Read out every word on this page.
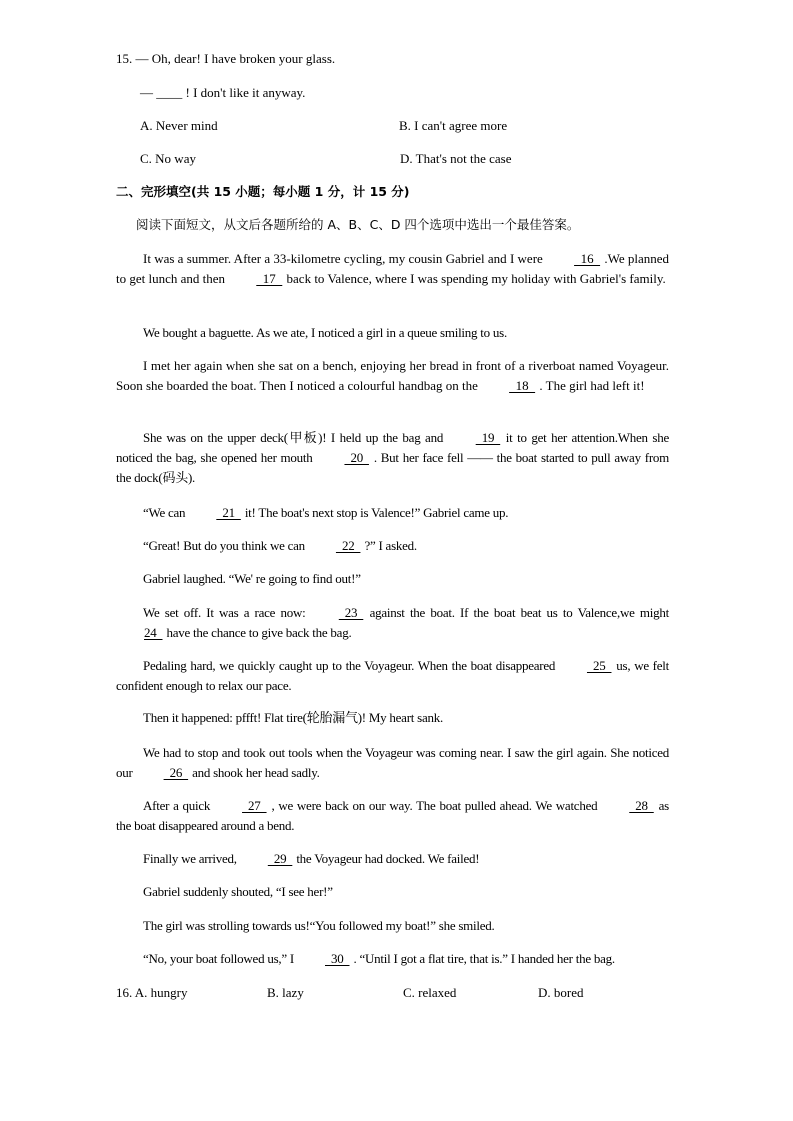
15. — Oh, dear! I have broken your glass.
— ____ ! I don't like it anyway.
A. Never mind	B. I can't agree more
C. No way	D. That's not the case
二、完形填空(共 15 小题；每小题 1 分，计 15 分)
阅读下面短文，从文后各题所给的 A、B、C、D 四个选项中选出一个最佳答案。
It was a summer. After a 33-kilometre cycling, my cousin Gabriel and I were   16   .We planned to get lunch and then   17   back to Valence, where I was spending my holiday with Gabriel's family.
We bought a baguette. As we ate, I noticed a girl in a queue smiling to us.
I met her again when she sat on a bench, enjoying her bread in front of a riverboat named Voyageur. Soon she boarded the boat. Then I noticed a colourful handbag on the   18   . The girl had left it!
She was on the upper deck(甲板)! I held up the bag and   19   it to get her attention.When she noticed the bag, she opened her mouth   20   . But her face fell —— the boat started to pull away from the dock(码头).
“We can   21   it! The boat's next stop is Valence!” Gabriel came up.
“Great! But do you think we can   22   ?” I asked.
Gabriel laughed. “We' re going to find out!”
We set off. It was a race now:   23   against the boat. If the boat beat us to Valence,we might 24   have the chance to give back the bag.
Pedaling hard, we quickly caught up to the Voyageur. When the boat disappeared   25   us, we felt confident enough to relax our pace.
Then it happened: pffft! Flat tire(轮胎漏气)! My heart sank.
We had to stop and took out tools when the Voyageur was coming near. I saw the girl again. She noticed our   26   and shook her head sadly.
After a quick   27   , we were back on our way. The boat pulled ahead. We watched   28   as the boat disappeared around a bend.
Finally we arrived,   29   the Voyageur had docked. We failed!
Gabriel suddenly shouted, “I see her!”
The girl was strolling towards us!“You followed my boat!” she smiled.
“No, your boat followed us,” I   30   . “Until I got a flat tire, that is.” I handed her the bag.
16. A. hungry	B. lazy	C. relaxed	D. bored
